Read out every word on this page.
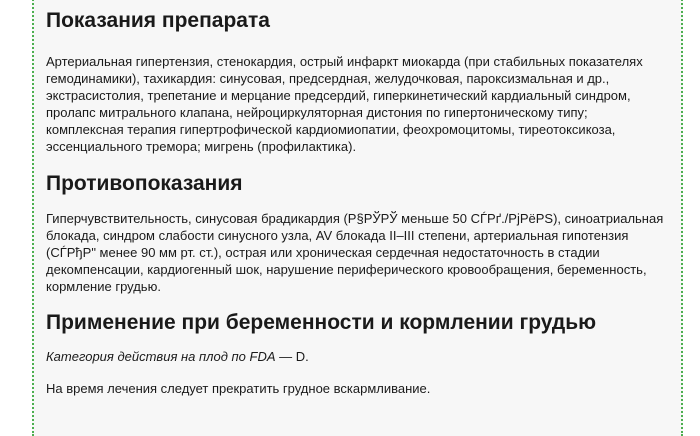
Показания препарата

Артериальная гипертензия, стенокардия, острый инфаркт миокарда (при стабильных показателях гемодинамики), тахикардия: синусовая, предсердная, желудочковая, пароксизмальная и др., экстрасистолия, трепетание и мерцание предсердий, гиперкинетический кардиальный синдром, пролапс митрального клапана, нейроциркуляторная дистония по гипертоническому типу; комплексная терапия гипертрофической кардиомиопатии, феохромоцитомы, тиреотоксикоза, эссенциального тремора; мигрень (профилактика).

Противопоказания

Гиперчувствительность, синусовая брадикардия (Р§РЎРЎ меньше 50 СЃРґ./РјРёРЅ), синоатриальная блокада, синдром слабости синусного узла, AV блокада II–III степени, артериальная гипотензия (СЃРђР" менее 90 мм рт. ст.), острая или хроническая сердечная недостаточность в стадии декомпенсации, кардиогенный шок, нарушение периферического кровообращения, беременность, кормление грудью.

Применение при беременности и кормлении грудью

Категория действия на плод по FDA — D.

На время лечения следует прекратить грудное вскармливание.
